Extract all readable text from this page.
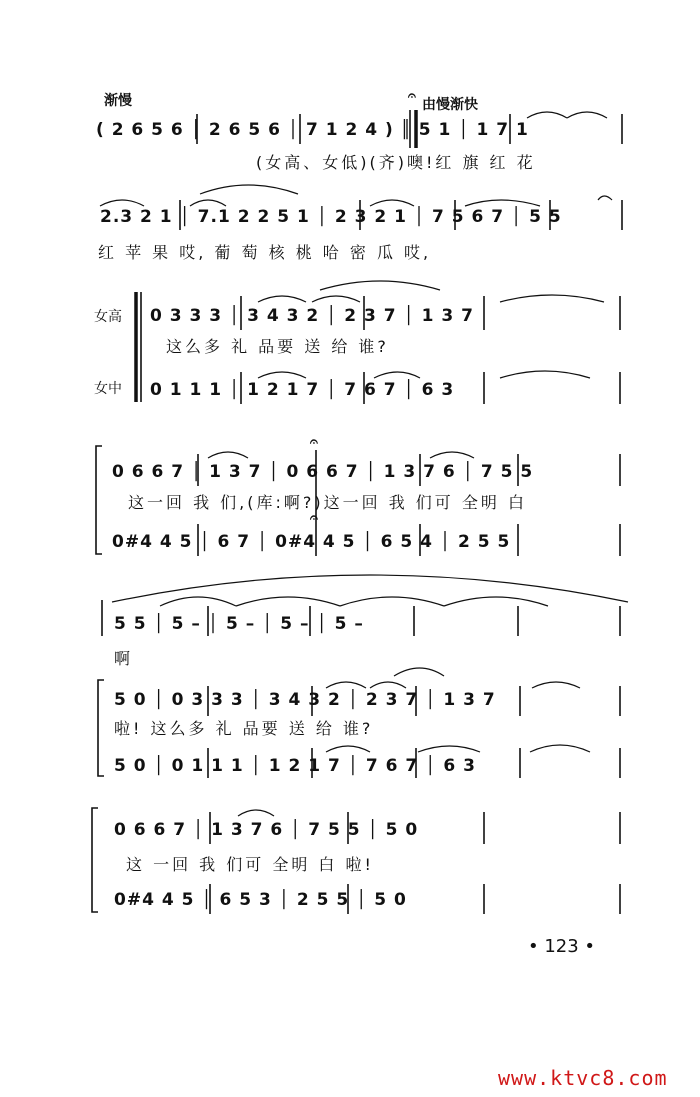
渐慢	𝄐
由慢渐快
( 2 6 5 6 │ 2 6 5 6 │ 7 1 2 4 ) ║ 5 1 │ 1 7 1
(女高、女低)(齐)噢!红 旗 红 花
2.3 2 1 │ 7.1 2 2 5 1 │ 2 3 2 1 │ 7 5 6 7 │ 5 5
红 苹 果 哎, 葡 萄 核 桃 哈 密 瓜 哎,
女高
女中
0 3 3 3 │ 3 4 3 2 │ 2 3 7 │ 1 3 7
这么多 礼 品要 送 给 谁?
0 1 1 1 │ 1 2 1 7 │ 7 6 7 │ 6 3
𝄐
0 6 6 7 │ 1 3 7 │ 0 6 6 7 │ 1 3 7 6 │ 7 5 5
这一回 我 们,(库:啊?)这一回 我 们可 全明 白
𝄐
0#4 4 5 │ 6 7 │ 0#4 4 5 │ 6 5 4 │ 2 5 5
5 5 │ 5 – │ 5 – │ 5 – │ 5 –
啊
5 0 │ 0 3 3 3 │ 3 4 3 2 │ 2 3 7 │ 1 3 7
啦! 这么多 礼 品要 送 给 谁?
5 0 │ 0 1 1 1 │ 1 2 1 7 │ 7 6 7 │ 6 3
0 6 6 7 │ 1 3 7 6 │ 7 5 5 │ 5 0
这 一回 我 们可 全明 白 啦!
0#4 4 5 │ 6 5 3 │ 2 5 5 │ 5 0
• 123 •
www.ktvc8.com
